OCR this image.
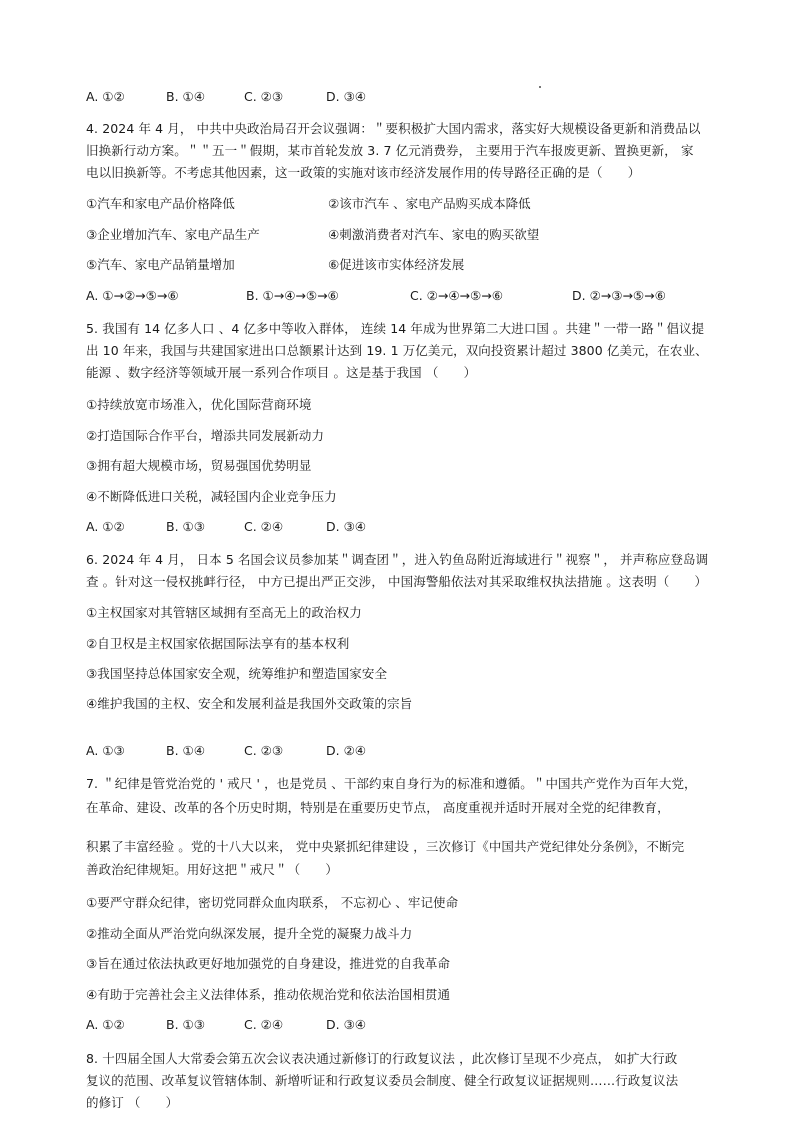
A. ①②	B. ①④	C. ②③	D. ③④
4. 2024 年 4 月， 中共中央政治局召开会议强调：＂要积极扩大国内需求，落实好大规模设备更新和消费品以
旧换新行动方案。＂＂五一＂假期，某市首轮发放 3. 7 亿元消费券， 主要用于汽车报废更新、置换更新， 家
电以旧换新等。不考虑其他因素，这一政策的实施对该市经济发展作用的传导路径正确的是（　　）
①汽车和家电产品价格降低	②该市汽车 、家电产品购买成本降低
③企业增加汽车、家电产品生产	④刺激消费者对汽车、家电的购买欲望
⑤汽车、家电产品销量增加	⑥促进该市实体经济发展
A. ①→②→⑤→⑥	B. ①→④→⑤→⑥	C. ②→④→⑤→⑥	D. ②→③→⑤→⑥
5. 我国有 14 亿多人口 、4 亿多中等收入群体， 连续 14 年成为世界第二大进口国 。共建＂一带一路＂倡议提
出 10 年来，我国与共建国家进出口总额累计达到 19. 1 万亿美元，双向投资累计超过 3800 亿美元，在农业、
能源 、数字经济等领域开展一系列合作项目 。这是基于我国 （　　）
①持续放宽市场准入，优化国际营商环境
②打造国际合作平台，增添共同发展新动力
③拥有超大规模市场，贸易强国优势明显
④不断降低进口关税，减轻国内企业竞争压力
A. ①②	B. ①③	C. ②④	D. ③④
6. 2024 年 4 月， 日本 5 名国会议员参加某＂调查团＂，进入钓鱼岛附近海域进行＂视察＂， 并声称应登岛调
查 。针对这一侵权挑衅行径， 中方已提出严正交涉， 中国海警船依法对其采取维权执法措施 。这表明（　　）
①主权国家对其管辖区域拥有至高无上的政治权力
②自卫权是主权国家依据国际法享有的基本权利
③我国坚持总体国家安全观，统筹维护和塑造国家安全
④维护我国的主权、安全和发展利益是我国外交政策的宗旨
A. ①③	B. ①④	C. ②③	D. ②④
7. ＂纪律是管党治党的 ' 戒尺 ' ，也是党员 、干部约束自身行为的标准和遵循。＂中国共产党作为百年大党，
在革命、建设、改革的各个历史时期，特别是在重要历史节点， 高度重视并适时开展对全党的纪律教育，
积累了丰富经验 。党的十八大以来， 党中央紧抓纪律建设 ，三次修订《中国共产党纪律处分条例》，不断完
善政治纪律规矩。用好这把＂戒尺＂（　　）
①要严守群众纪律，密切党同群众血肉联系， 不忘初心 、牢记使命
②推动全面从严治党向纵深发展，提升全党的凝聚力战斗力
③旨在通过依法执政更好地加强党的自身建设，推进党的自我革命
④有助于完善社会主义法律体系，推动依规治党和依法治国相贯通
A. ①②	B. ①③	C. ②④	D. ③④
8. 十四届全国人大常委会第五次会议表决通过新修订的行政复议法 ，此次修订呈现不少亮点， 如扩大行政
复议的范围、改革复议管辖体制、新增听证和行政复议委员会制度、健全行政复议证据规则……行政复议法
的修订 （　　）
